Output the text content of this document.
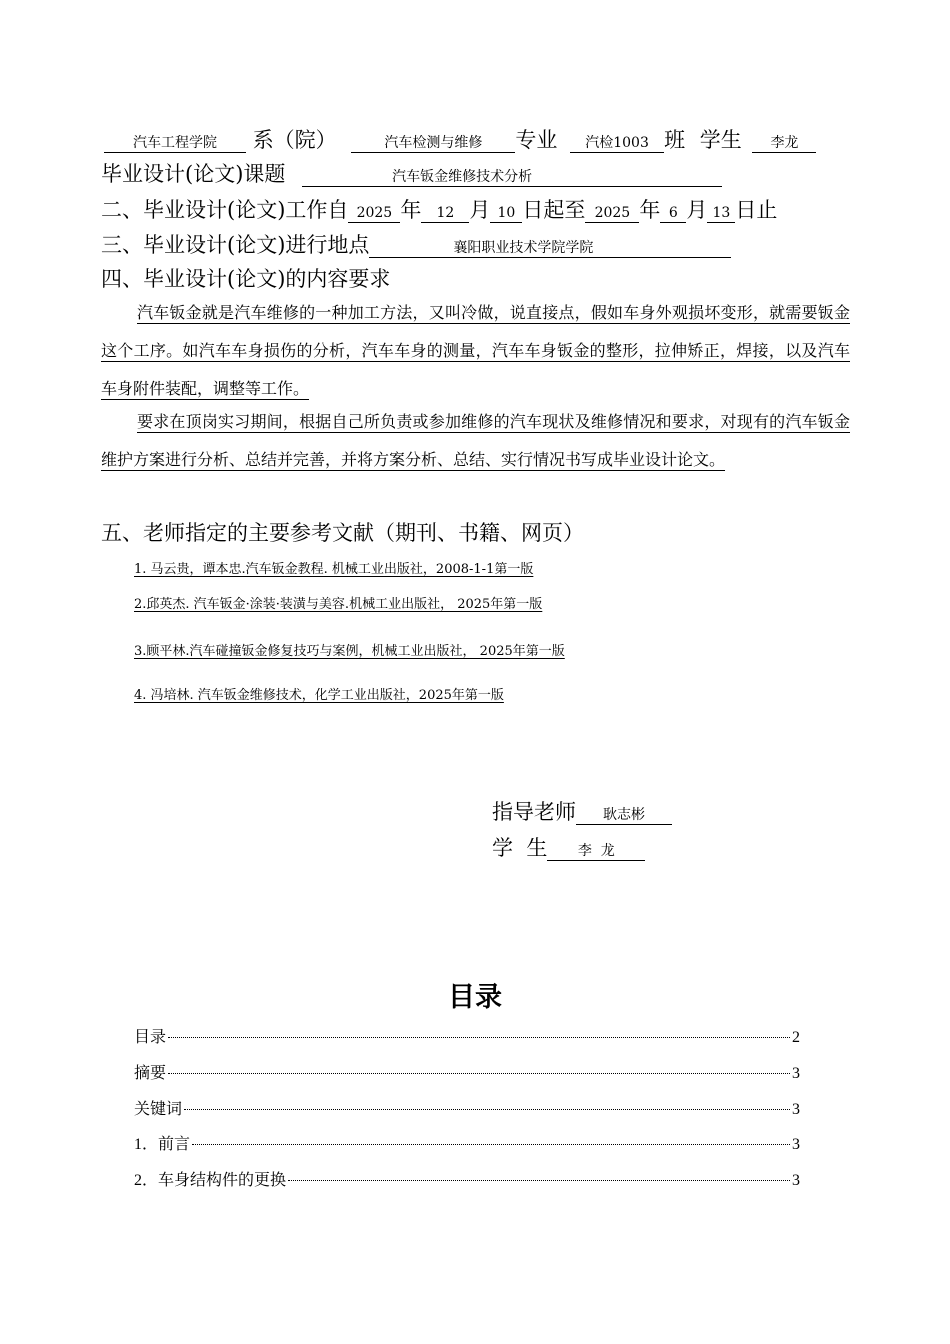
汽车工程学院 系（院）	汽车检测与维修 专业 汽检1003 班 学生 李龙
毕业设计(论文)课题	汽车钣金维修技术分析
二、毕业设计(论文)工作自 2025 年 12 月 10 日起至 2025 年 6 月 13 日止
三、毕业设计(论文)进行地点	襄阳职业技术学院学院
四、毕业设计(论文)的内容要求
汽车钣金就是汽车维修的一种加工方法，又叫冷做，说直接点，假如车身外观损坏变形，就需要钣金这个工序。如汽车车身损伤的分析，汽车车身的测量，汽车车身钣金的整形，拉伸矫正，焊接，以及汽车车身附件装配，调整等工作。
要求在顶岗实习期间，根据自己所负责或参加维修的汽车现状及维修情况和要求，对现有的汽车钣金维护方案进行分析、总结并完善，并将方案分析、总结、实行情况书写成毕业设计论文。
五、老师指定的主要参考文献（期刊、书籍、网页）
1. 马云贵，谭本忠.汽车钣金教程. 机械工业出版社，2008-1-1第一版
2.邱英杰. 汽车钣金·涂装·装潢与美容.机械工业出版社， 2025年第一版
3.顾平林.汽车碰撞钣金修复技巧与案例，机械工业出版社， 2025年第一版
4. 冯培林. 汽车钣金维修技术，化学工业出版社，2025年第一版
指导老师 耿志彬
学  生 李  龙
目录
目录	2
摘要	3
关键词	3
1．前言	3
2．车身结构件的更换	3
